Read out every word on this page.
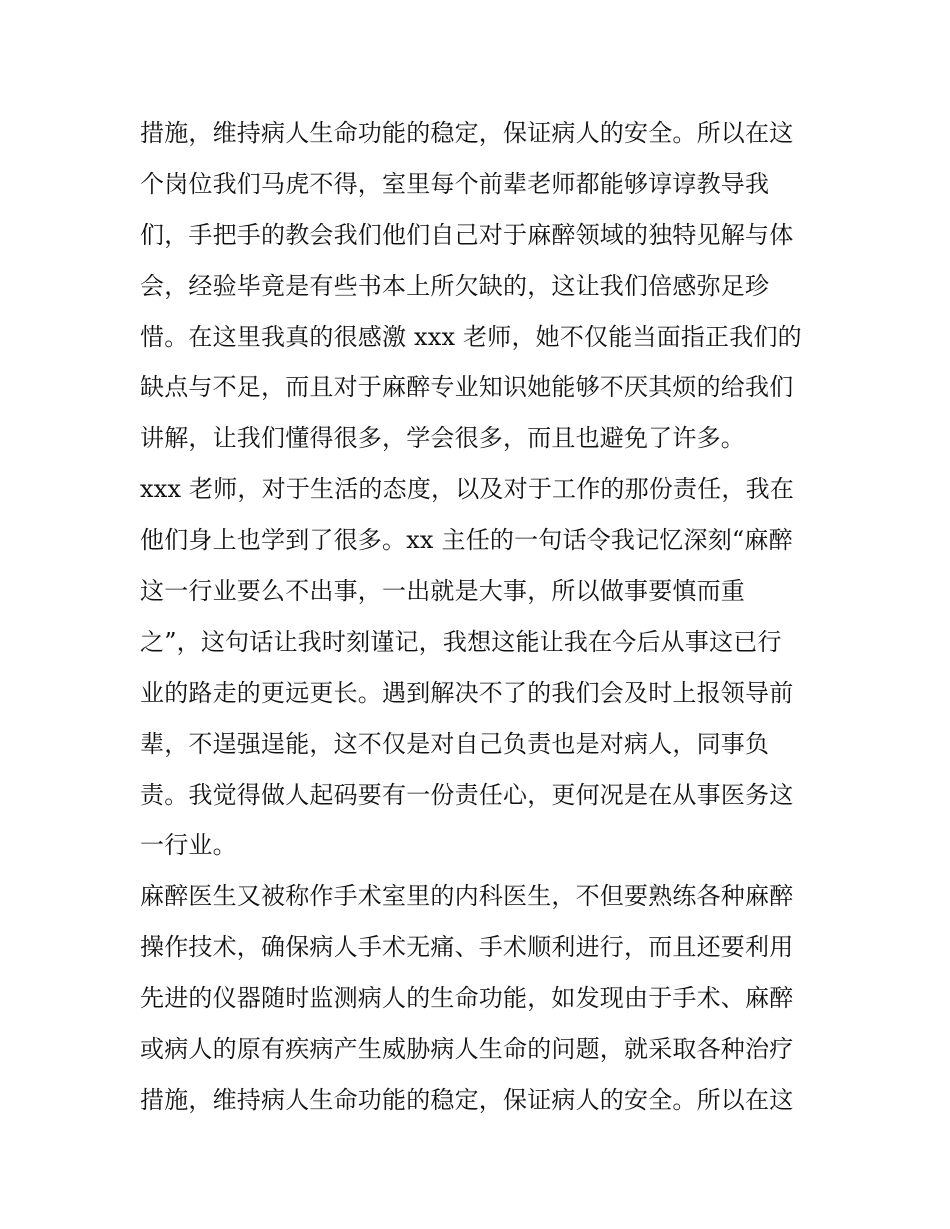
措施，维持病人生命功能的稳定，保证病人的安全。所以在这
个岗位我们马虎不得，室里每个前辈老师都能够谆谆教导我
们，手把手的教会我们他们自己对于麻醉领域的独特见解与体
会，经验毕竟是有些书本上所欠缺的，这让我们倍感弥足珍
惜。在这里我真的很感激 xxx 老师，她不仅能当面指正我们的
缺点与不足，而且对于麻醉专业知识她能够不厌其烦的给我们
讲解，让我们懂得很多，学会很多，而且也避免了许多。
xxx 老师，对于生活的态度，以及对于工作的那份责任，我在
他们身上也学到了很多。xx 主任的一句话令我记忆深刻“麻醉
这一行业要么不出事，一出就是大事，所以做事要慎而重
之”，这句话让我时刻谨记，我想这能让我在今后从事这已行
业的路走的更远更长。遇到解决不了的我们会及时上报领导前
辈，不逞强逞能，这不仅是对自己负责也是对病人，同事负
责。我觉得做人起码要有一份责任心，更何况是在从事医务这
一行业。
麻醉医生又被称作手术室里的内科医生，不但要熟练各种麻醉
操作技术，确保病人手术无痛、手术顺利进行，而且还要利用
先进的仪器随时监测病人的生命功能，如发现由于手术、麻醉
或病人的原有疾病产生威胁病人生命的问题，就采取各种治疗
措施，维持病人生命功能的稳定，保证病人的安全。所以在这
